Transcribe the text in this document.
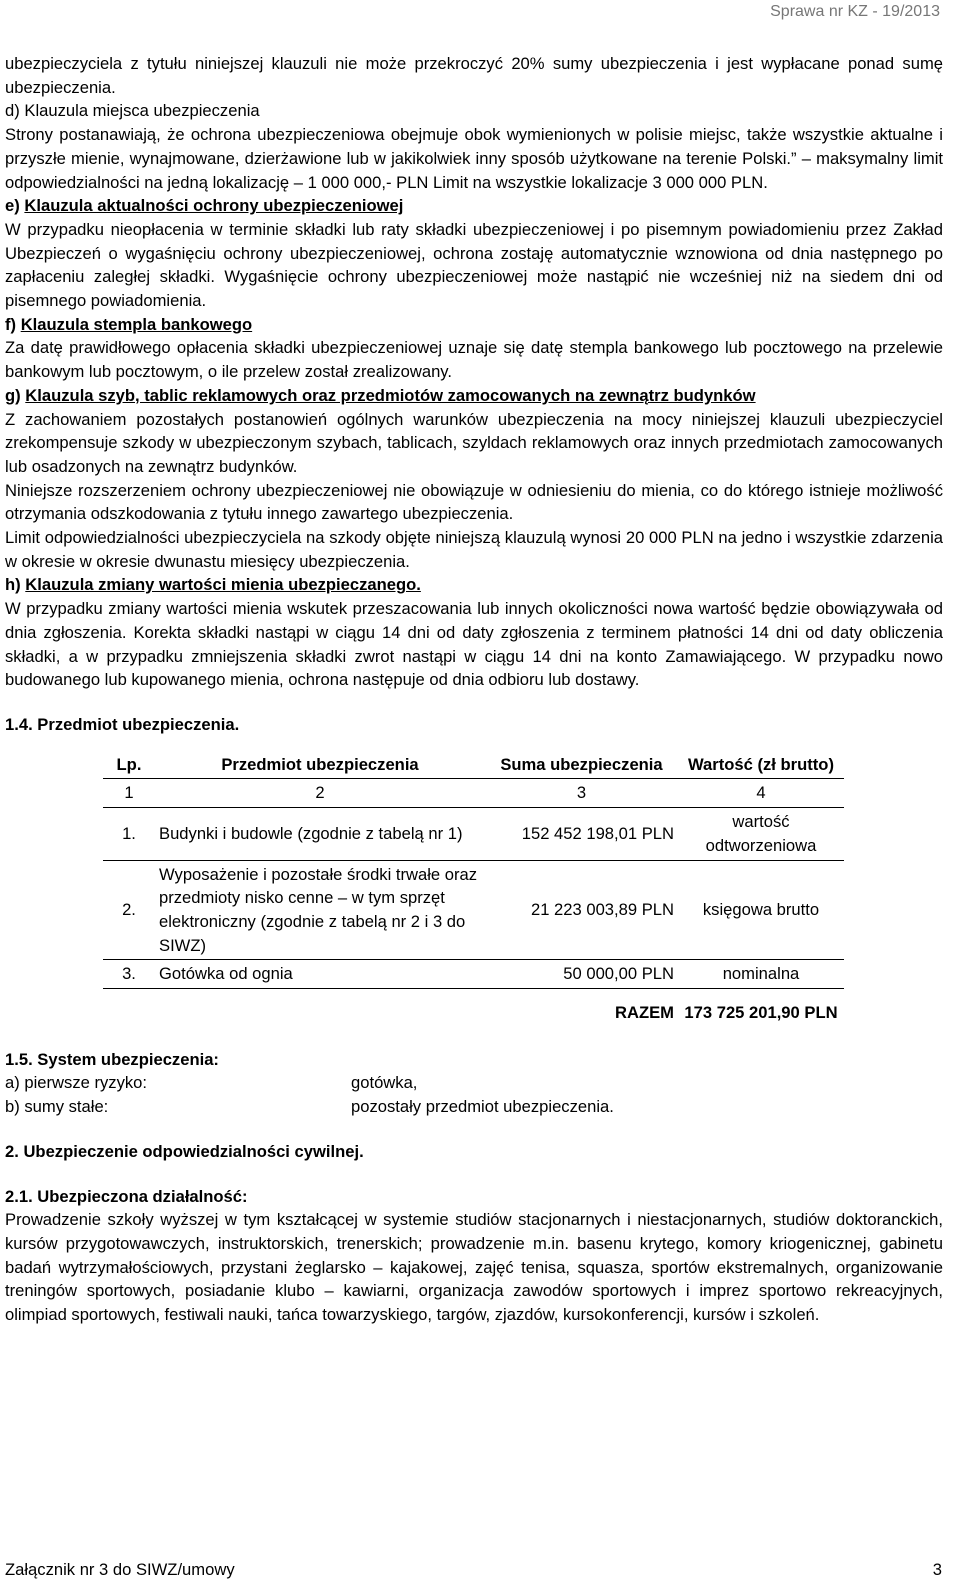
Sprawa nr KZ - 19/2013

ubezpieczyciela z tytułu niniejszej klauzuli nie może przekroczyć 20% sumy ubezpieczenia i jest wypłacane ponad sumę ubezpieczenia.

d) Klauzula miejsca ubezpieczenia

Strony postanawiają, że ochrona ubezpieczeniowa obejmuje obok wymienionych w polisie miejsc, także wszystkie aktualne i przyszłe mienie, wynajmowane, dzierżawione lub w jakikolwiek inny sposób użytkowane na terenie Polski.” – maksymalny limit odpowiedzialności na jedną lokalizację – 1 000 000,- PLN Limit na wszystkie lokalizacje 3 000 000 PLN.

e) Klauzula aktualności ochrony ubezpieczeniowej

W przypadku nieopłacenia w terminie składki lub raty składki ubezpieczeniowej i po pisemnym powiadomieniu przez Zakład Ubezpieczeń o wygaśnięciu ochrony ubezpieczeniowej, ochrona zostaję automatycznie wznowiona od dnia następnego po zapłaceniu zaległej składki. Wygaśnięcie ochrony ubezpieczeniowej może nastąpić nie wcześniej niż na siedem dni od pisemnego powiadomienia.

f) Klauzula stempla bankowego

Za datę prawidłowego opłacenia składki ubezpieczeniowej uznaje się datę stempla bankowego lub pocztowego na przelewie bankowym lub pocztowym, o ile przelew został zrealizowany.

g) Klauzula szyb, tablic reklamowych oraz przedmiotów zamocowanych na zewnątrz budynków

Z zachowaniem pozostałych postanowień ogólnych warunków ubezpieczenia na mocy niniejszej klauzuli ubezpieczyciel zrekompensuje szkody w ubezpieczonym szybach, tablicach, szyldach reklamowych oraz innych przedmiotach zamocowanych lub osadzonych na zewnątrz budynków.

Niniejsze rozszerzeniem ochrony ubezpieczeniowej nie obowiązuje w odniesieniu do mienia, co do którego istnieje możliwość otrzymania odszkodowania z tytułu innego zawartego ubezpieczenia.

Limit odpowiedzialności ubezpieczyciela na szkody objęte niniejszą klauzulą wynosi 20 000 PLN na jedno i wszystkie zdarzenia w okresie w okresie dwunastu miesięcy ubezpieczenia.

h) Klauzula zmiany wartości mienia ubezpieczanego.

W przypadku zmiany wartości mienia wskutek przeszacowania lub innych okoliczności nowa wartość będzie obowiązywała od dnia zgłoszenia. Korekta składki nastąpi w ciągu 14 dni od daty zgłoszenia z terminem płatności 14 dni od daty obliczenia składki, a w przypadku zmniejszenia składki zwrot nastąpi w ciągu 14 dni na konto Zamawiającego. W przypadku nowo budowanego lub kupowanego mienia, ochrona następuje od dnia odbioru lub dostawy.

1.4. Przedmiot ubezpieczenia.

Lp.	Przedmiot ubezpieczenia	Suma ubezpieczenia	Wartość (zł brutto)
1	2	3	4
1.	Budynki i budowle (zgodnie z tabelą nr 1)	152 452 198,01 PLN	wartość odtworzeniowa
2.	Wyposażenie i pozostałe środki trwałe oraz przedmioty nisko cenne – w tym sprzęt elektroniczny (zgodnie z tabelą nr 2 i 3 do SIWZ)	21 223 003,89 PLN	księgowa brutto
3.	Gotówka od ognia	50 000,00 PLN	nominalna
		RAZEM	173 725 201,90 PLN

1.5. System ubezpieczenia:

a) pierwsze ryzyko:	gotówka,
b) sumy stałe:	pozostały przedmiot ubezpieczenia.

2. Ubezpieczenie odpowiedzialności cywilnej.

2.1. Ubezpieczona działalność:

Prowadzenie szkoły wyższej w tym kształcącej w systemie studiów stacjonarnych i niestacjonarnych, studiów doktoranckich, kursów przygotowawczych, instruktorskich, trenerskich; prowadzenie m.in. basenu krytego, komory kriogenicznej, gabinetu badań wytrzymałościowych, przystani żeglarsko – kajakowej, zajęć tenisa, squasza, sportów ekstremalnych, organizowanie treningów sportowych, posiadanie klubo – kawiarni, organizacja zawodów sportowych i imprez sportowo rekreacyjnych, olimpiad sportowych, festiwali nauki, tańca towarzyskiego, targów, zjazdów, kursokonferencji, kursów i szkoleń.

Załącznik nr 3 do SIWZ/umowy	3
